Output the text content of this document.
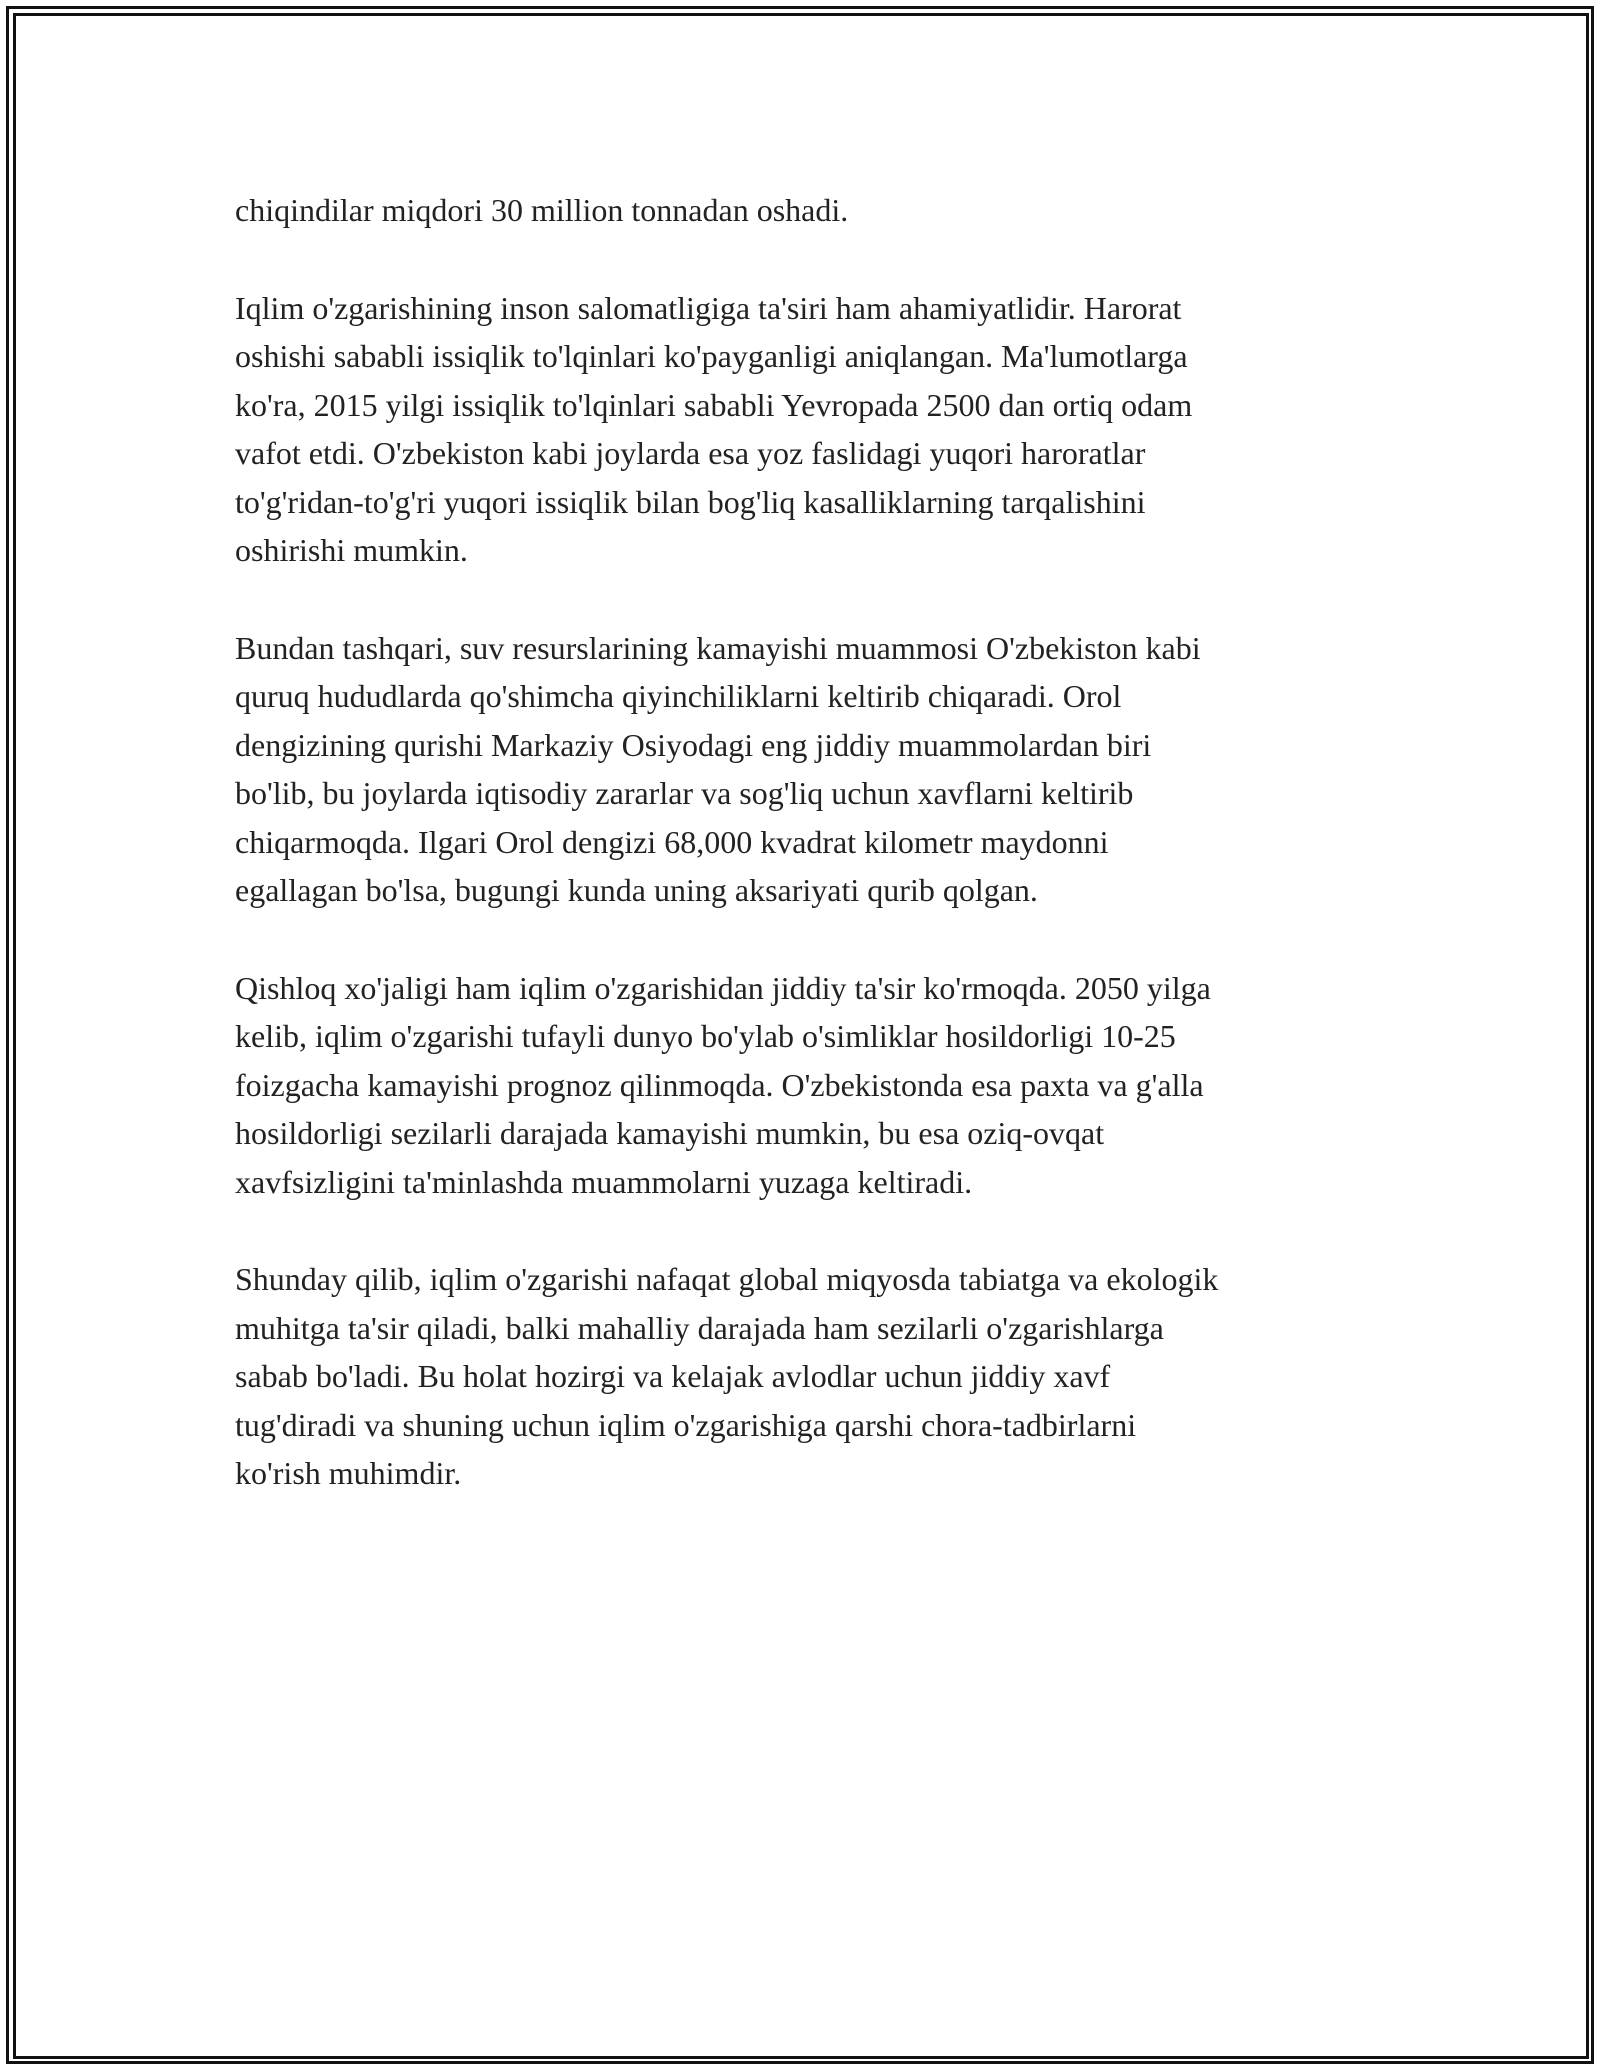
chiqindilar miqdori 30 million tonnadan oshadi.

Iqlim o'zgarishining inson salomatligiga ta'siri ham ahamiyatlidir. Harorat
oshishi sababli issiqlik to'lqinlari ko'payganligi aniqlangan. Ma'lumotlarga
ko'ra, 2015 yilgi issiqlik to'lqinlari sababli Yevropada 2500 dan ortiq odam
vafot etdi. O'zbekiston kabi joylarda esa yoz faslidagi yuqori haroratlar
to'g'ridan-to'g'ri yuqori issiqlik bilan bog'liq kasalliklarning tarqalishini
oshirishi mumkin.

Bundan tashqari, suv resurslarining kamayishi muammosi O'zbekiston kabi
quruq hududlarda qo'shimcha qiyinchiliklarni keltirib chiqaradi. Orol
dengizining qurishi Markaziy Osiyodagi eng jiddiy muammolardan biri
bo'lib, bu joylarda iqtisodiy zararlar va sog'liq uchun xavflarni keltirib
chiqarmoqda. Ilgari Orol dengizi 68,000 kvadrat kilometr maydonni
egallagan bo'lsa, bugungi kunda uning aksariyati qurib qolgan.

Qishloq xo'jaligi ham iqlim o'zgarishidan jiddiy ta'sir ko'rmoqda. 2050 yilga
kelib, iqlim o'zgarishi tufayli dunyo bo'ylab o'simliklar hosildorligi 10-25
foizgacha kamayishi prognoz qilinmoqda. O'zbekistonda esa paxta va g'alla
hosildorligi sezilarli darajada kamayishi mumkin, bu esa oziq-ovqat
xavfsizligini ta'minlashda muammolarni yuzaga keltiradi.

Shunday qilib, iqlim o'zgarishi nafaqat global miqyosda tabiatga va ekologik
muhitga ta'sir qiladi, balki mahalliy darajada ham sezilarli o'zgarishlarga
sabab bo'ladi. Bu holat hozirgi va kelajak avlodlar uchun jiddiy xavf
tug'diradi va shuning uchun iqlim o'zgarishiga qarshi chora-tadbirlarni
ko'rish muhimdir.
